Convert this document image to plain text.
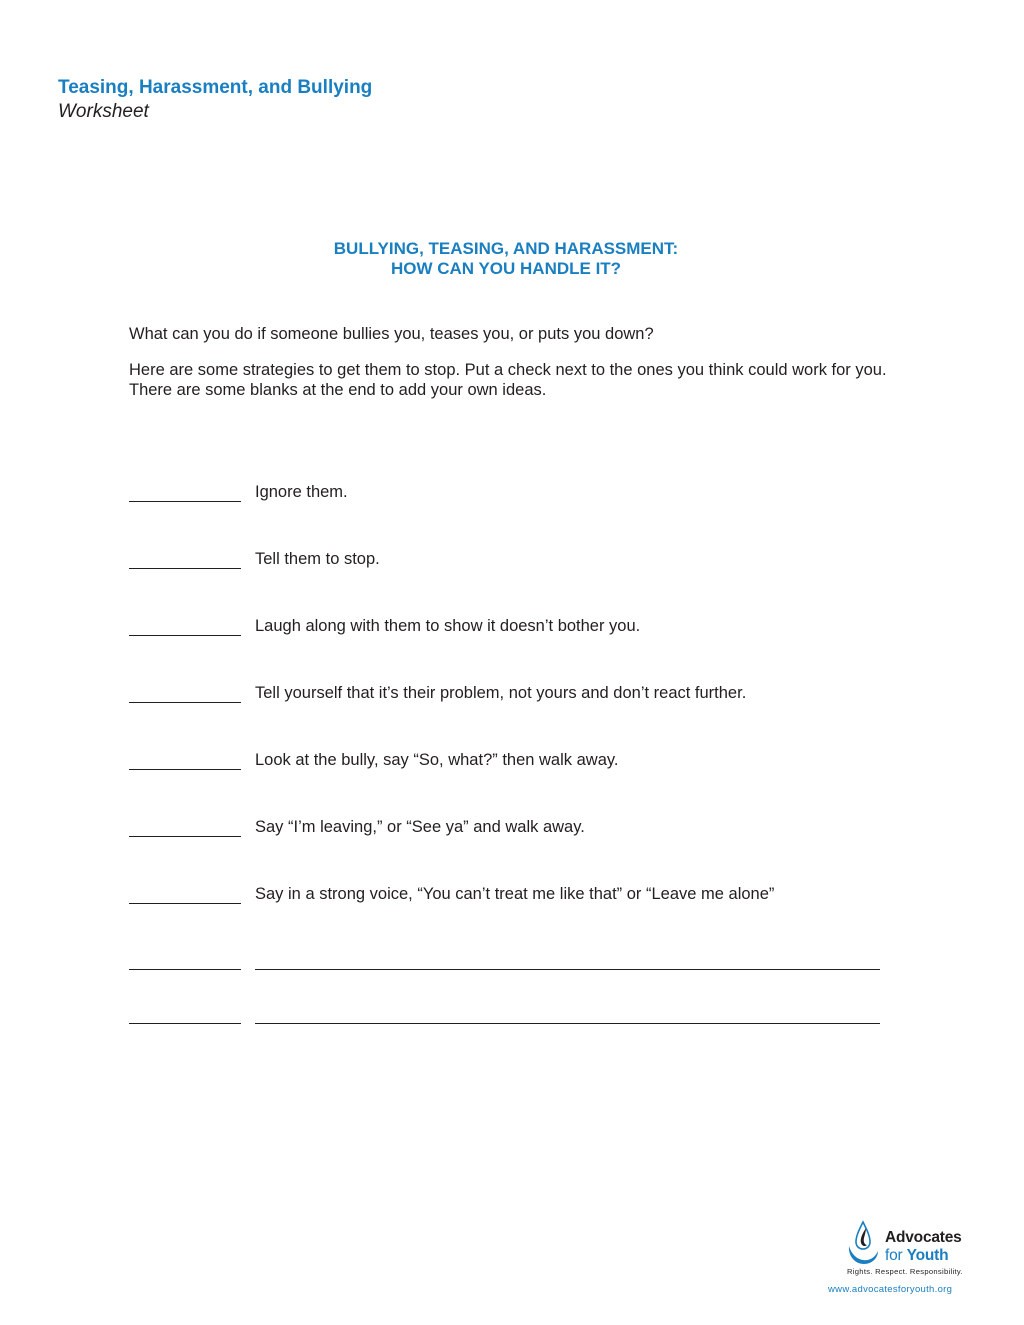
Teasing, Harassment, and Bullying
Worksheet
BULLYING, TEASING, AND HARASSMENT:
HOW CAN YOU HANDLE IT?
What can you do if someone bullies you, teases you, or puts you down?
Here are some strategies to get them to stop. Put a check next to the ones you think could work for you. There are some blanks at the end to add your own ideas.
Ignore them.
Tell them to stop.
Laugh along with them to show it doesn’t bother you.
Tell yourself that it’s their problem, not yours and don’t react further.
Look at the bully, say “So, what?” then walk away.
Say “I’m leaving,” or “See ya” and walk away.
Say in a strong voice, “You can’t treat me like that” or “Leave me alone”
Advocates
for Youth
Rights. Respect. Responsibility.
www.advocatesforyouth.org
